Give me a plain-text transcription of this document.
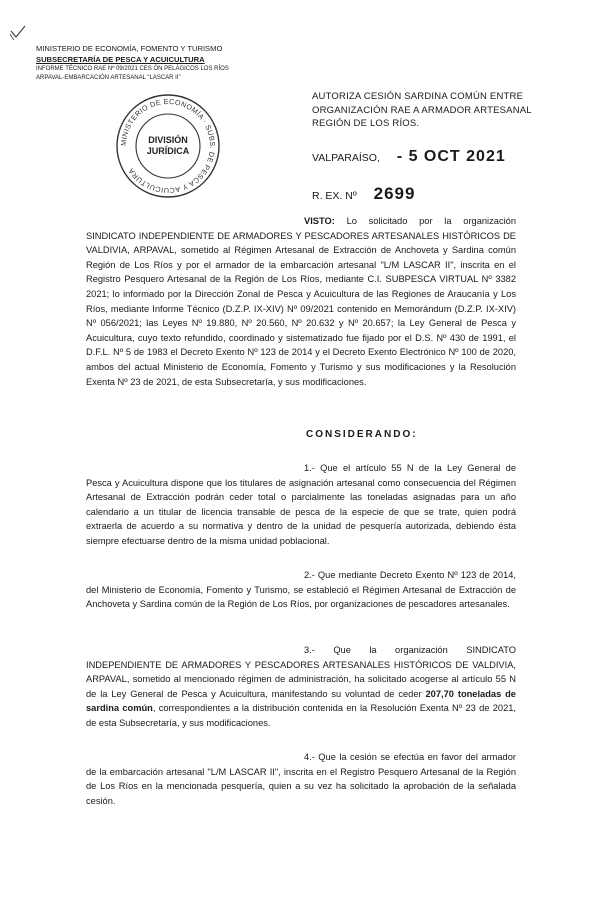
MINISTERIO DE ECONOMÍA, FOMENTO Y TURISMO
SUBSECRETARÍA DE PESCA Y ACUICULTURA
INFORME TÉCNICO RAE Nº 09/2021 CES ÓN PELÁGICOS LOS RÍOS
ARPAVAL-EMBARCACIÓN ARTESANAL "LASCAR II"
MINISTERIO DE ECONOMÍA · SUBS. DE PESCA Y ACUICULTURA
DIVISIÓN
JURÍDICA
AUTORIZA CESIÓN SARDINA COMÚN ENTRE ORGANIZACIÓN RAE A ARMADOR ARTESANAL REGIÓN DE LOS RÍOS.
VALPARAÍSO, - 5 OCT 2021
R. EX. Nº 2699
VISTO: Lo solicitado por la organización SINDICATO INDEPENDIENTE DE ARMADORES Y PESCADORES ARTESANALES HISTÓRICOS DE VALDIVIA, ARPAVAL, sometido al Régimen Artesanal de Extracción de Anchoveta y Sardina común Región de Los Ríos y por el armador de la embarcación artesanal "L/M LASCAR II", inscrita en el Registro Pesquero Artesanal de la Región de Los Ríos, mediante C.I. SUBPESCA VIRTUAL Nº 3382 2021; lo informado por la Dirección Zonal de Pesca y Acuicultura de las Regiones de Araucanía y Los Ríos, mediante Informe Técnico (D.Z.P. IX-XIV) Nº 09/2021 contenido en Memorándum (D.Z.P. IX-XIV) Nº 056/2021; las Leyes Nº 19.880, Nº 20.560, Nº 20.632 y Nº 20.657; la Ley General de Pesca y Acuicultura, cuyo texto refundido, coordinado y sistematizado fue fijado por el D.S. Nº 430 de 1991, el D.F.L. Nº 5 de 1983 el Decreto Exento Nº 123 de 2014 y el Decreto Exento Electrónico Nº 100 de 2020, ambos del actual Ministerio de Economía, Fomento y Turismo y sus modificaciones y la Resolución Exenta Nº 23 de 2021, de esta Subsecretaría, y sus modificaciones.
CONSIDERANDO:
1.- Que el artículo 55 N de la Ley General de Pesca y Acuicultura dispone que los titulares de asignación artesanal como consecuencia del Régimen Artesanal de Extracción podrán ceder total o parcialmente las toneladas asignadas para un año calendario a un titular de licencia transable de pesca de la especie de que se trate, quien podrá extraerla de acuerdo a su normativa y dentro de la unidad de pesquería autorizada, debiendo ésta siempre efectuarse dentro de la misma unidad poblacional.
2.- Que mediante Decreto Exento Nº 123 de 2014, del Ministerio de Economía, Fomento y Turismo, se estableció el Régimen Artesanal de Extracción de Anchoveta y Sardina común de la Región de Los Ríos, por organizaciones de pescadores artesanales.
3.- Que la organización SINDICATO INDEPENDIENTE DE ARMADORES Y PESCADORES ARTESANALES HISTÓRICOS DE VALDIVIA, ARPAVAL, sometido al mencionado régimen de administración, ha solicitado acogerse al artículo 55 N de la Ley General de Pesca y Acuicultura, manifestando su voluntad de ceder 207,70 toneladas de sardina común, correspondientes a la distribución contenida en la Resolución Exenta Nº 23 de 2021, de esta Subsecretaría, y sus modificaciones.
4.- Que la cesión se efectúa en favor del armador de la embarcación artesanal "L/M LASCAR II", inscrita en el Registro Pesquero Artesanal de la Región de Los Ríos en la mencionada pesquería, quien a su vez ha solicitado la aprobación de la señalada cesión.
